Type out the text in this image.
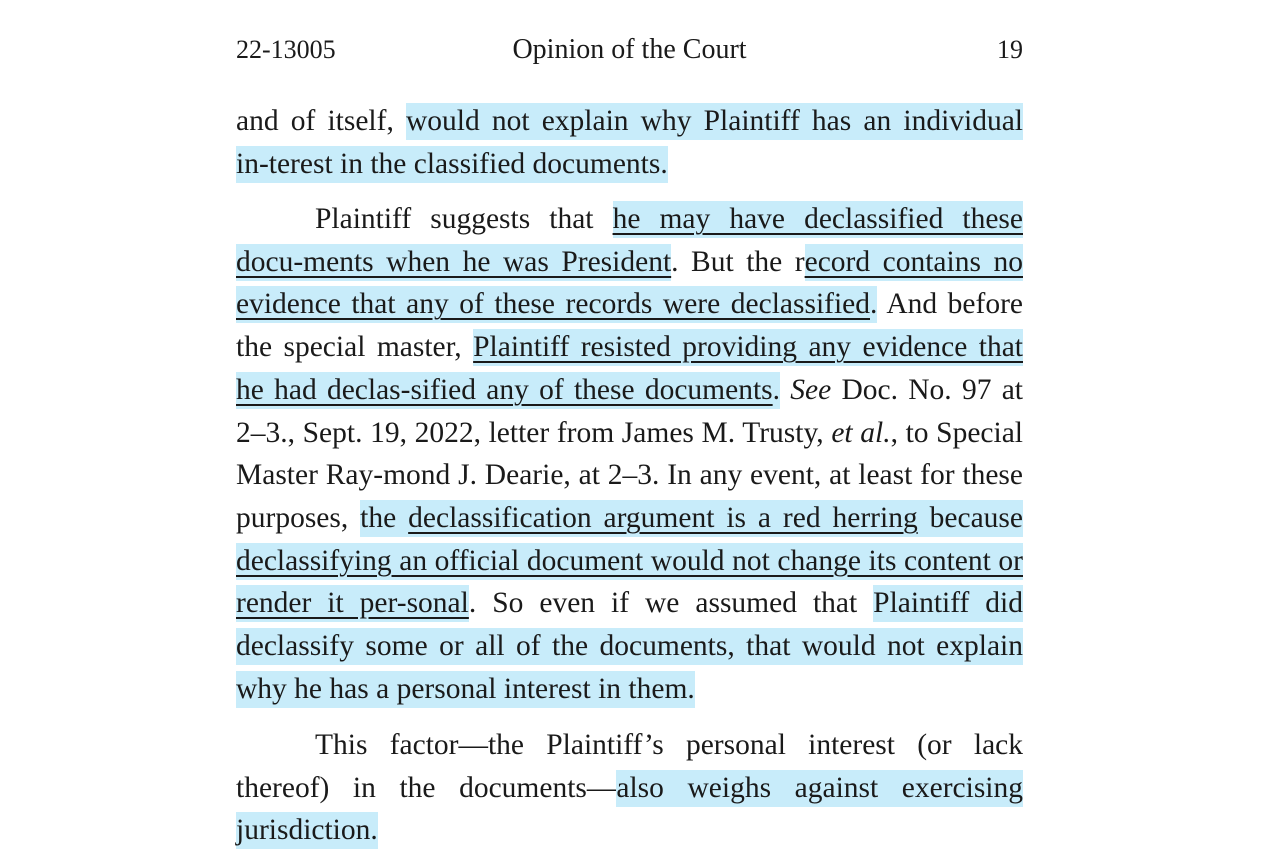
22-13005	Opinion of the Court	19

and of itself, would not explain why Plaintiff has an individual in-terest in the classified documents.

Plaintiff suggests that he may have declassified these docu-ments when he was President. But the record contains no evidence that any of these records were declassified. And before the special master, Plaintiff resisted providing any evidence that he had declas-sified any of these documents. See Doc. No. 97 at 2–3., Sept. 19, 2022, letter from James M. Trusty, et al., to Special Master Ray-mond J. Dearie, at 2–3. In any event, at least for these purposes, the declassification argument is a red herring because declassifying an official document would not change its content or render it per-sonal. So even if we assumed that Plaintiff did declassify some or all of the documents, that would not explain why he has a personal interest in them.

This factor—the Plaintiff’s personal interest (or lack thereof) in the documents—also weighs against exercising jurisdiction.
